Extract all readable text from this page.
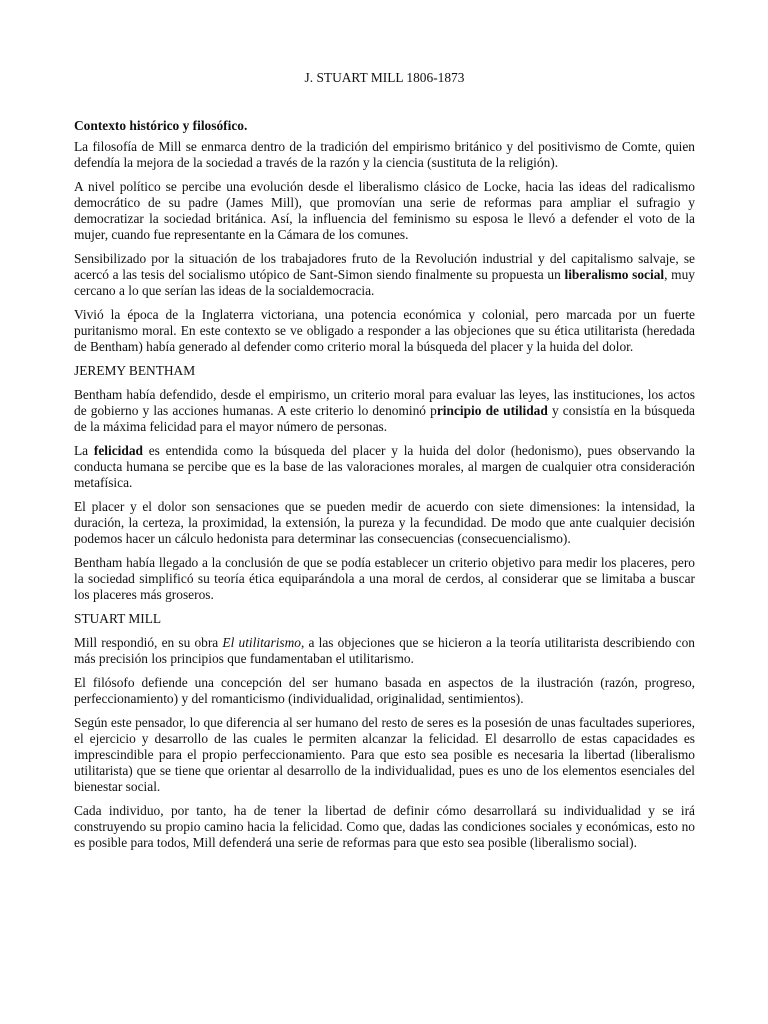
J. STUART MILL 1806-1873
Contexto histórico y filosófico.

La filosofía de Mill se enmarca dentro de la tradición del empirismo británico y del positivismo de Comte, quien defendía la mejora de la sociedad a través de la razón y la ciencia (sustituta de la religión).

A nivel político se percibe una evolución desde el liberalismo clásico de Locke, hacia las ideas del radicalismo democrático de su padre (James Mill), que promovían una serie de reformas para ampliar el sufragio y democratizar la sociedad británica. Así, la influencia del feminismo su esposa le llevó a defender el voto de la mujer, cuando fue representante en la Cámara de los comunes.

Sensibilizado por la situación de los trabajadores fruto de la Revolución industrial y del capitalismo salvaje, se acercó a las tesis del socialismo utópico de Sant-Simon siendo finalmente su propuesta un liberalismo social, muy cercano a lo que serían las ideas de la socialdemocracia.

Vivió la época de la Inglaterra victoriana, una potencia económica y colonial, pero marcada por un fuerte puritanismo moral. En este contexto se ve obligado a responder a las objeciones que su ética utilitarista (heredada de Bentham) había generado al defender como criterio moral la búsqueda del placer y la huida del dolor.

JEREMY BENTHAM

Bentham había defendido, desde el empirismo, un criterio moral para evaluar las leyes, las instituciones, los actos de gobierno y las acciones humanas. A este criterio lo denominó principio de utilidad y consistía en la búsqueda de la máxima felicidad para el mayor número de personas.

La felicidad es entendida como la búsqueda del placer y la huida del dolor (hedonismo), pues observando la conducta humana se percibe que es la base de las valoraciones morales, al margen de cualquier otra consideración metafísica.

El placer y el dolor son sensaciones que se pueden medir de acuerdo con siete dimensiones: la intensidad, la duración, la certeza, la proximidad, la extensión, la pureza y la fecundidad. De modo que ante cualquier decisión podemos hacer un cálculo hedonista para determinar las consecuencias (consecuencialismo).

Bentham había llegado a la conclusión de que se podía establecer un criterio objetivo para medir los placeres, pero la sociedad simplificó su teoría ética equiparándola a una moral de cerdos, al considerar que se limitaba a buscar los placeres más groseros.

STUART MILL

Mill respondió, en su obra El utilitarismo, a las objeciones que se hicieron a la teoría utilitarista describiendo con más precisión los principios que fundamentaban el utilitarismo.

El filósofo defiende una concepción del ser humano basada en aspectos de la ilustración (razón, progreso, perfeccionamiento) y del romanticismo (individualidad, originalidad, sentimientos).

Según este pensador, lo que diferencia al ser humano del resto de seres es la posesión de unas facultades superiores, el ejercicio y desarrollo de las cuales le permiten alcanzar la felicidad. El desarrollo de estas capacidades es imprescindible para el propio perfeccionamiento. Para que esto sea posible es necesaria la libertad (liberalismo utilitarista) que se tiene que orientar al desarrollo de la individualidad, pues es uno de los elementos esenciales del bienestar social.

Cada individuo, por tanto, ha de tener la libertad de definir cómo desarrollará su individualidad y se irá construyendo su propio camino hacia la felicidad. Como que, dadas las condiciones sociales y económicas, esto no es posible para todos, Mill defenderá una serie de reformas para que esto sea posible (liberalismo social).
